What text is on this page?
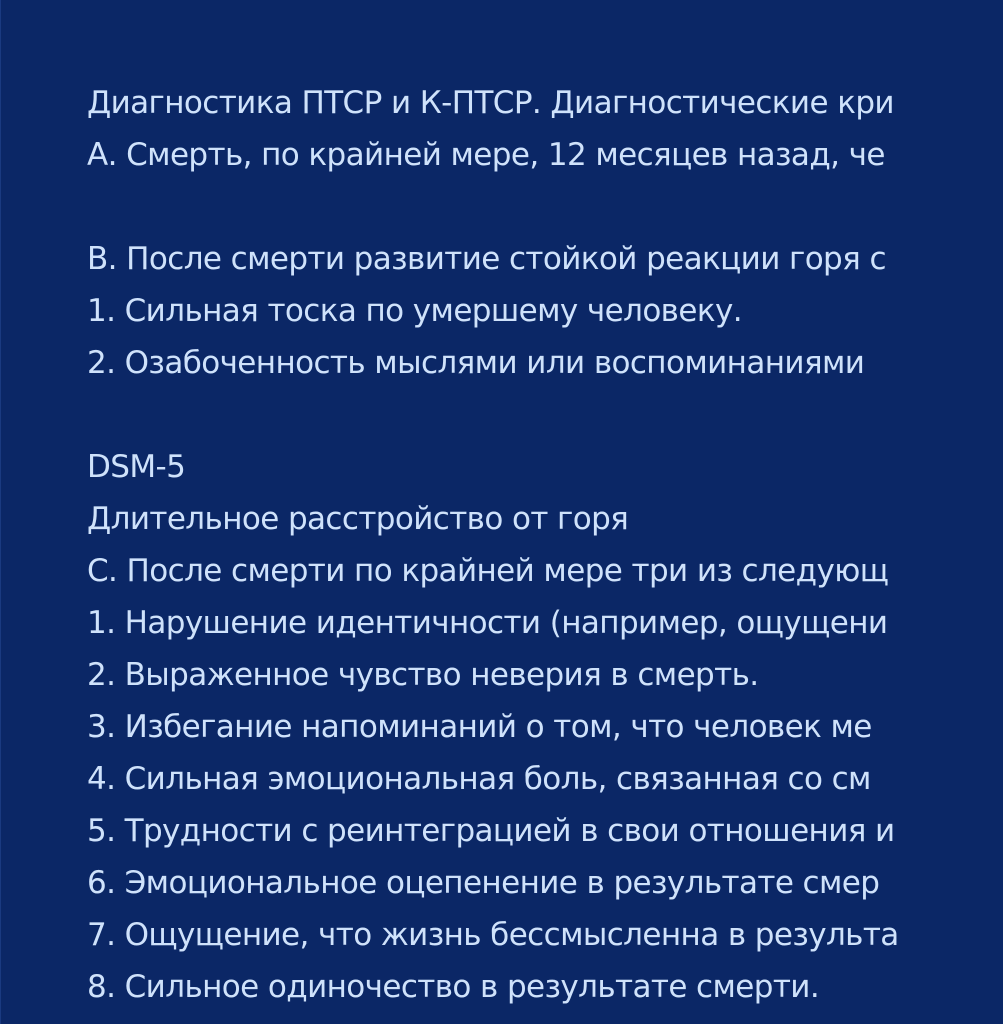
Диагностика ПТСР и К-ПТСР. Диагностические кри
А. Смерть, по крайней мере, 12 месяцев назад, че
B. После смерти развитие стойкой реакции горя с
1. Сильная тоска по умершему человеку.
2. Озабоченность мыслями или воспоминаниями
DSM-5
Длительное расстройство от горя
C. После смерти по крайней мере три из следующ
1. Нарушение идентичности (например, ощущени
2. Выраженное чувство неверия в смерть.
3. Избегание напоминаний о том, что человек ме
4. Сильная эмоциональная боль, связанная со см
5. Трудности с реинтеграцией в свои отношения и
6. Эмоциональное оцепенение в результате смер
7. Ощущение, что жизнь бессмысленна в результа
8. Сильное одиночество в результате смерти.
